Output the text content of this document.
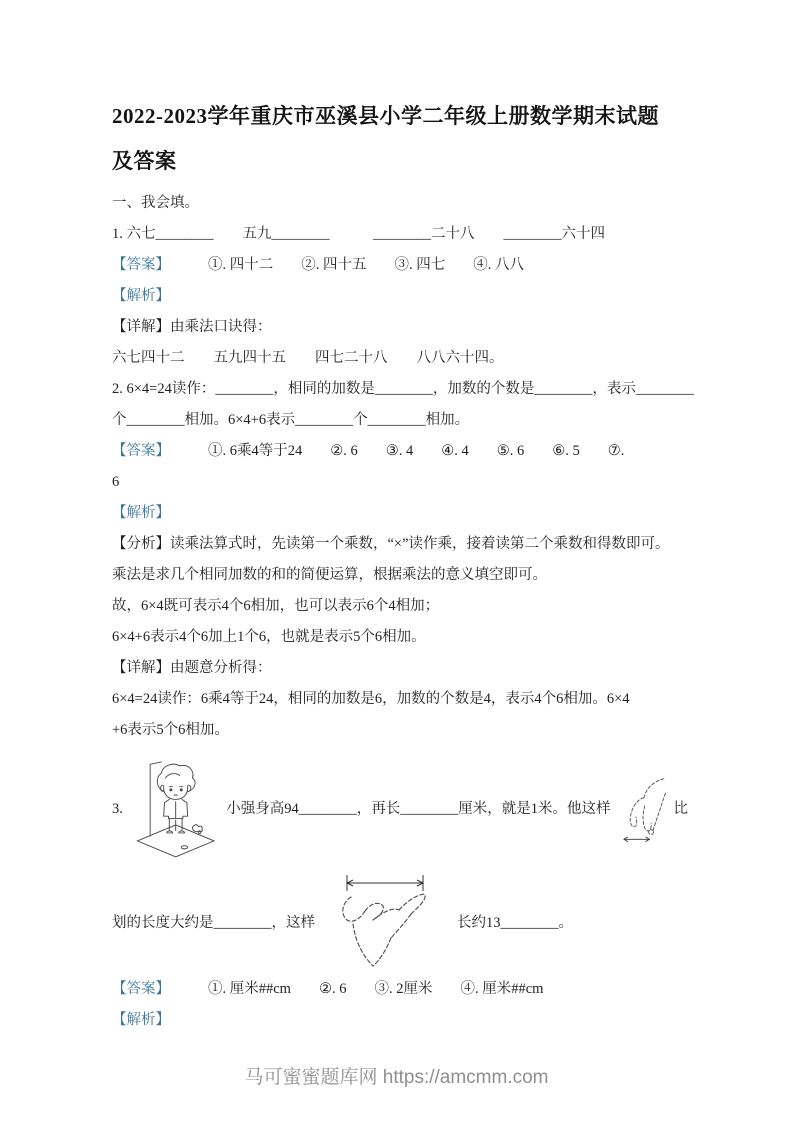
2022-2023学年重庆市巫溪县小学二年级上册数学期末试题
及答案

一、我会填。

1. 六七________　　五九________　　　________二十八　　________六十四

【答案】	①. 四十二 ②. 四十五 ③. 四七 ④. 八八

【解析】

【详解】由乘法口诀得：

六七四十二　　五九四十五　　四七二十八　　八八六十四。

2. 6×4=24读作：________，相同的加数是________，加数的个数是________，表示________

个________相加。6×4+6表示________个________相加。

【答案】	①. 6乘4等于24 ②. 6 ③. 4 ④. 4 ⑤. 6 ⑥. 5 ⑦.

6

【解析】

【分析】读乘法算式时，先读第一个乘数，“×”读作乘，接着读第二个乘数和得数即可。

乘法是求几个相同加数的和的简便运算，根据乘法的意义填空即可。

故，6×4既可表示4个6相加，也可以表示6个4相加；

6×4+6表示4个6加上1个6，也就是表示5个6相加。

【详解】由题意分析得：

6×4=24读作：6乘4等于24，相同的加数是6，加数的个数是4，表示4个6相加。6×4

+6表示5个6相加。

3.	小强身高94________，再长________厘米，就是1米。他这样	比
划的长度大约是________，这样	长约13________。

【答案】	①. 厘米##cm ②. 6 ③. 2厘米 ④. 厘米##cm

【解析】

马可蜜蜜题库网 https://amcmm.com
